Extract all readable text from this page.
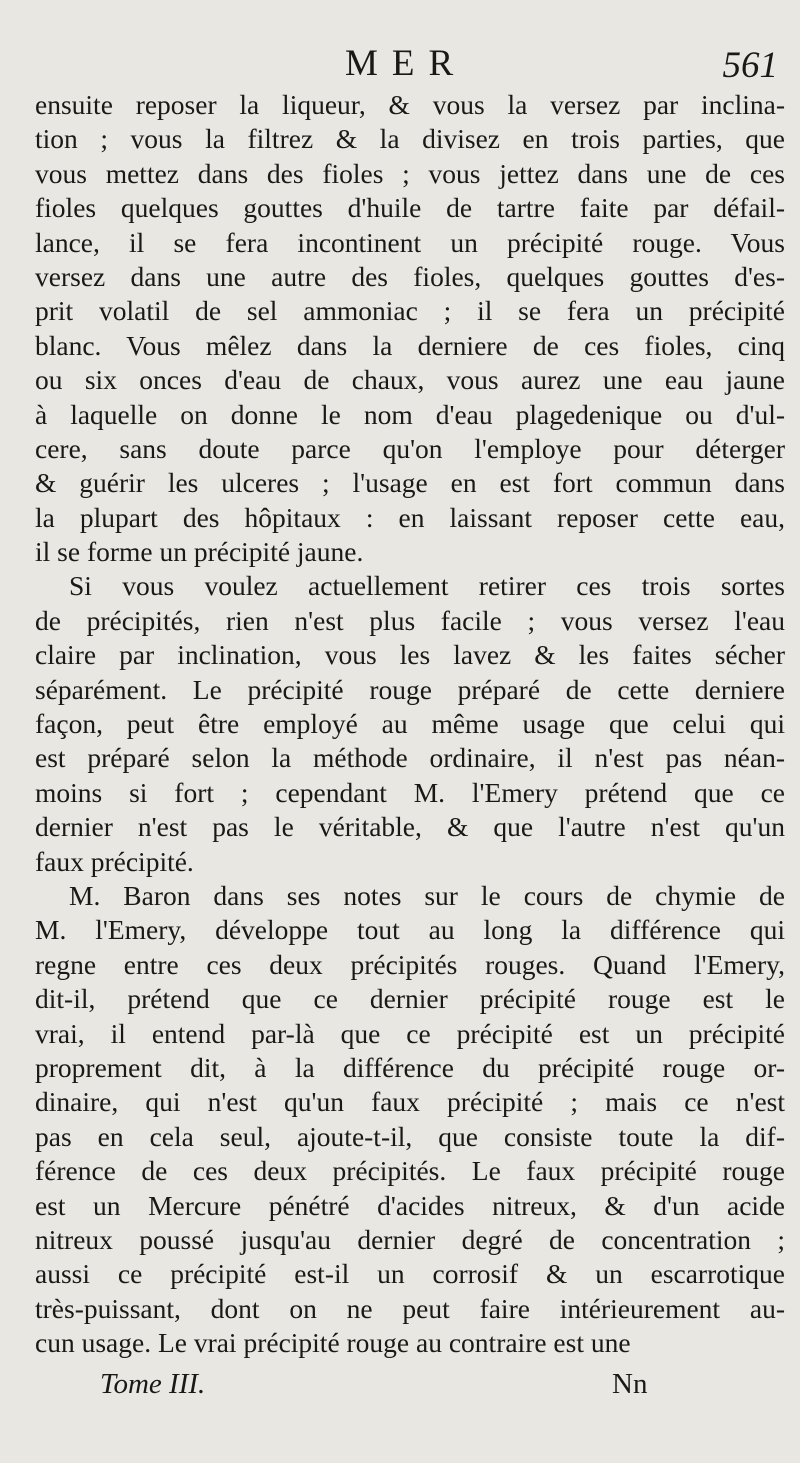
MER	561
ensuite reposer la liqueur, & vous la versez par inclina-
tion ; vous la filtrez & la divisez en trois parties, que
vous mettez dans des fioles ; vous jettez dans une de ces
fioles quelques gouttes d'huile de tartre faite par défail-
lance, il se fera incontinent un précipité rouge. Vous
versez dans une autre des fioles, quelques gouttes d'es-
prit volatil de sel ammoniac ; il se fera un précipité
blanc. Vous mêlez dans la derniere de ces fioles, cinq
ou six onces d'eau de chaux, vous aurez une eau jaune
à laquelle on donne le nom d'eau plagedenique ou d'ul-
cere, sans doute parce qu'on l'employe pour déterger
& guérir les ulceres ; l'usage en est fort commun dans
la plupart des hôpitaux : en laissant reposer cette eau,
il se forme un précipité jaune.
Si vous voulez actuellement retirer ces trois sortes
de précipités, rien n'est plus facile ; vous versez l'eau
claire par inclination, vous les lavez & les faites sécher
séparément. Le précipité rouge préparé de cette derniere
façon, peut être employé au même usage que celui qui
est préparé selon la méthode ordinaire, il n'est pas néan-
moins si fort ; cependant M. l'Emery prétend que ce
dernier n'est pas le véritable, & que l'autre n'est qu'un
faux précipité.
M. Baron dans ses notes sur le cours de chymie de
M. l'Emery, développe tout au long la différence qui
regne entre ces deux précipités rouges. Quand l'Emery,
dit-il, prétend que ce dernier précipité rouge est le
vrai, il entend par-là que ce précipité est un précipité
proprement dit, à la différence du précipité rouge or-
dinaire, qui n'est qu'un faux précipité ; mais ce n'est
pas en cela seul, ajoute-t-il, que consiste toute la dif-
férence de ces deux précipités. Le faux précipité rouge
est un Mercure pénétré d'acides nitreux, & d'un acide
nitreux poussé jusqu'au dernier degré de concentration ;
aussi ce précipité est-il un corrosif & un escarrotique
très-puissant, dont on ne peut faire intérieurement au-
cun usage. Le vrai précipité rouge au contraire est une
Tome III.	Nn
